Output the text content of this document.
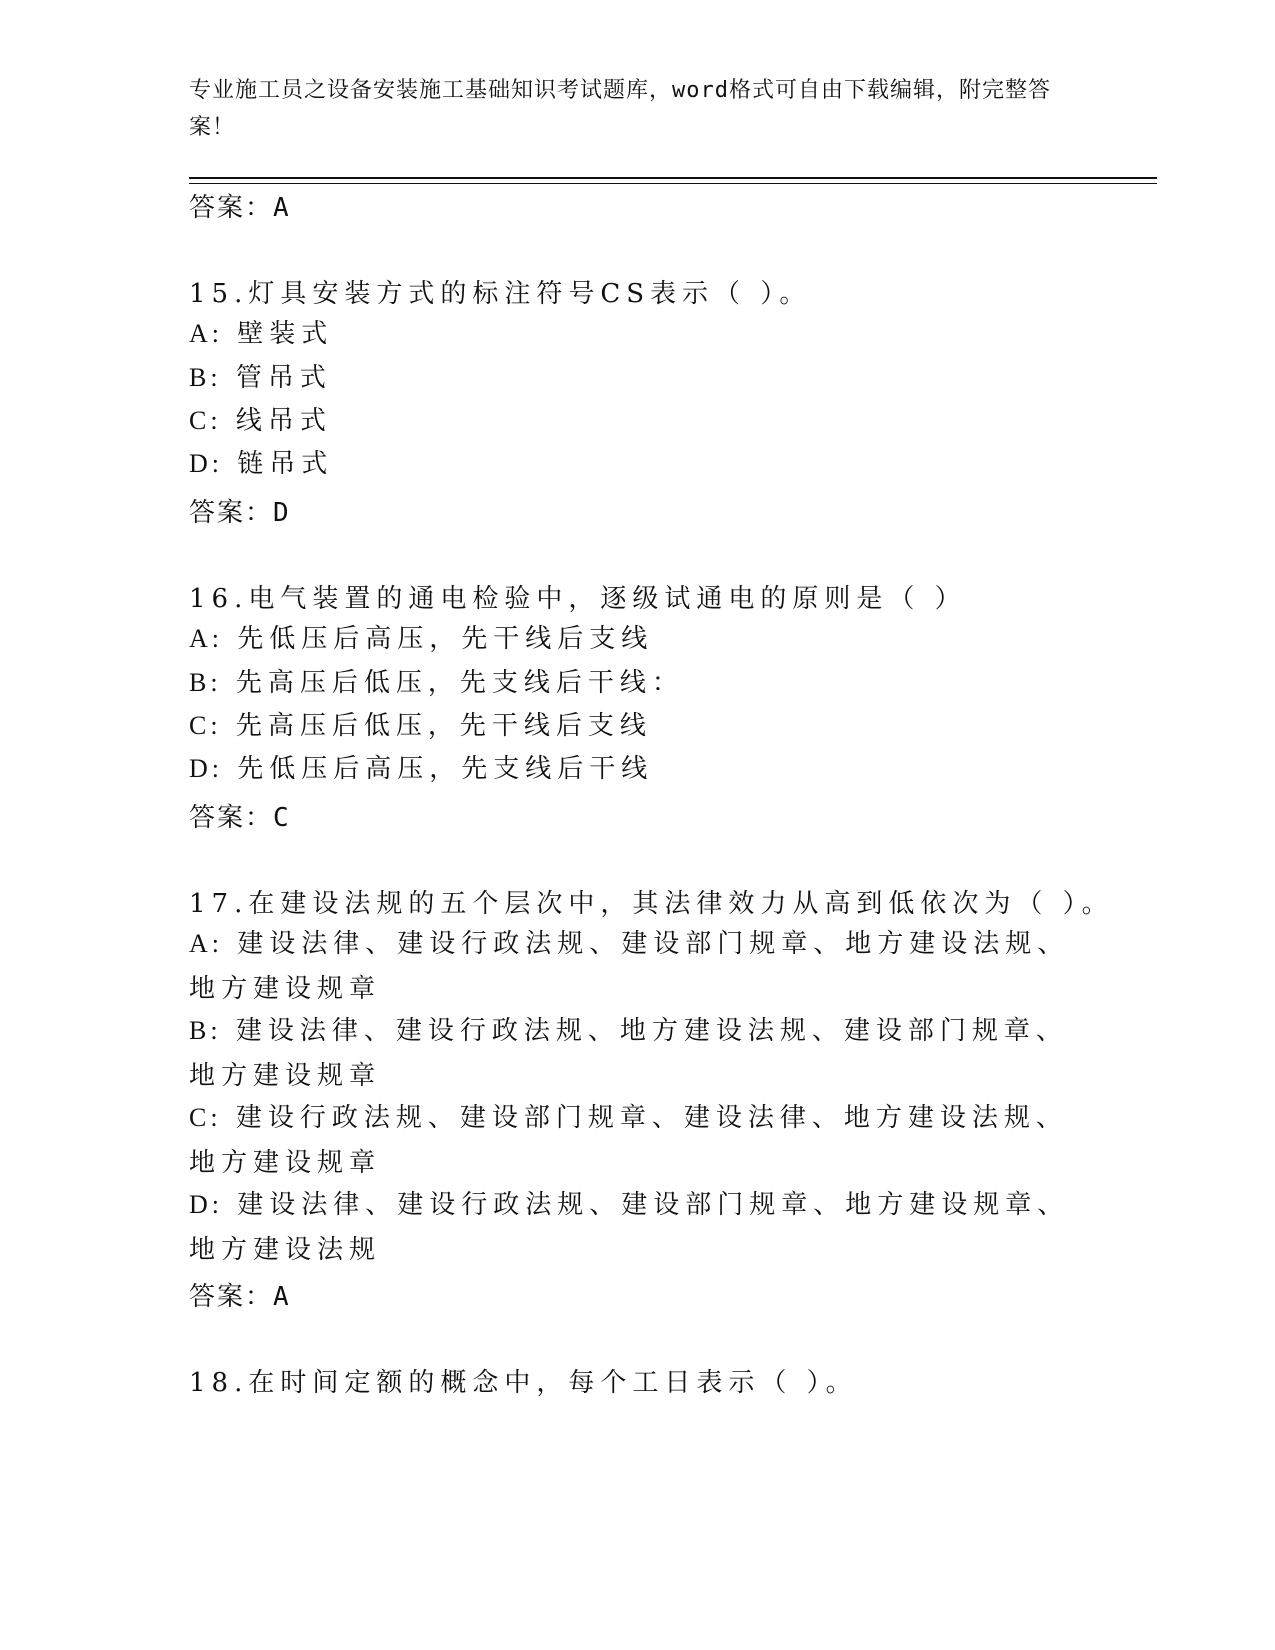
专业施工员之设备安装施工基础知识考试题库，word格式可自由下载编辑，附完整答案！
答案：A
15.灯具安装方式的标注符号CS表示（ ）。
A: 壁装式
B: 管吊式
C: 线吊式
D: 链吊式
答案：D
16.电气装置的通电检验中，逐级试通电的原则是（ ）
A: 先低压后高压，先干线后支线
B: 先高压后低压，先支线后干线：
C: 先高压后低压，先干线后支线
D: 先低压后高压，先支线后干线
答案：C
17.在建设法规的五个层次中，其法律效力从高到低依次为（ ）。
A: 建设法律、建设行政法规、建设部门规章、地方建设法规、地方建设规章
B: 建设法律、建设行政法规、地方建设法规、建设部门规章、地方建设规章
C: 建设行政法规、建设部门规章、建设法律、地方建设法规、地方建设规章
D: 建设法律、建设行政法规、建设部门规章、地方建设规章、地方建设法规
答案：A
18.在时间定额的概念中，每个工日表示（ ）。
